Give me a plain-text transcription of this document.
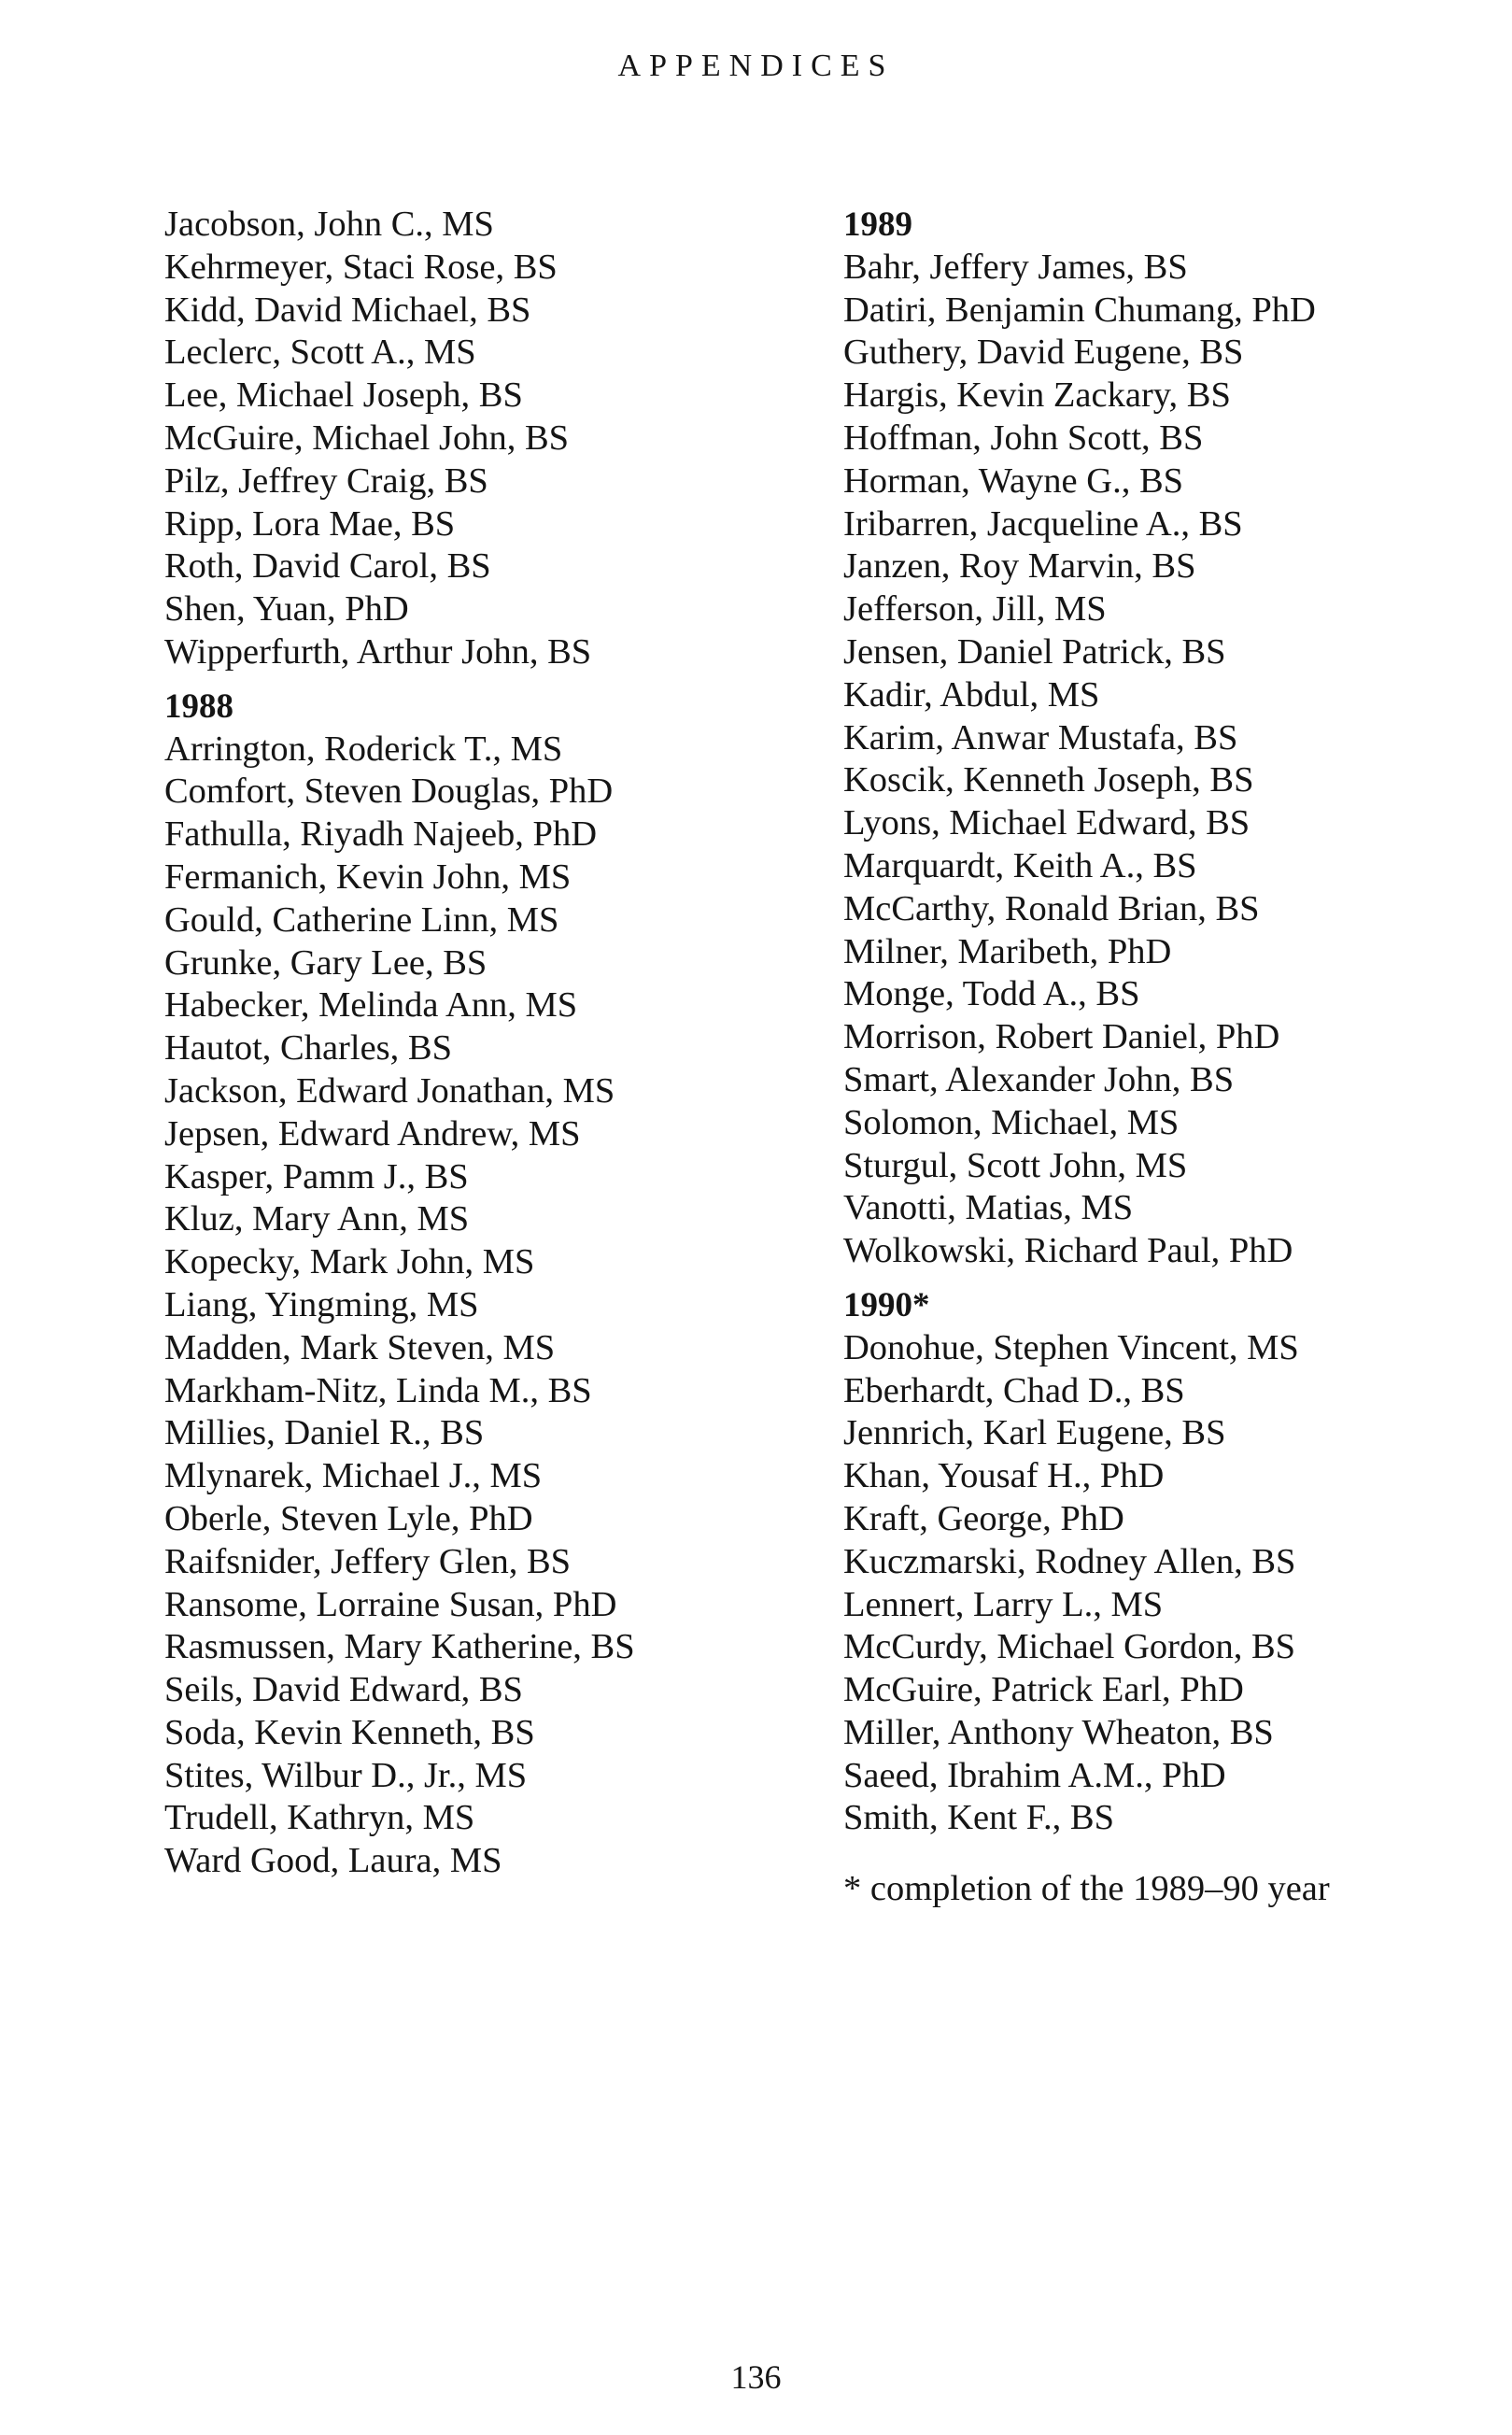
APPENDICES
Jacobson, John C., MS
Kehrmeyer, Staci Rose, BS
Kidd, David Michael, BS
Leclerc, Scott A., MS
Lee, Michael Joseph, BS
McGuire, Michael John, BS
Pilz, Jeffrey Craig, BS
Ripp, Lora Mae, BS
Roth, David Carol, BS
Shen, Yuan, PhD
Wipperfurth, Arthur John, BS
1988
Arrington, Roderick T., MS
Comfort, Steven Douglas, PhD
Fathulla, Riyadh Najeeb, PhD
Fermanich, Kevin John, MS
Gould, Catherine Linn, MS
Grunke, Gary Lee, BS
Habecker, Melinda Ann, MS
Hautot, Charles, BS
Jackson, Edward Jonathan, MS
Jepsen, Edward Andrew, MS
Kasper, Pamm J., BS
Kluz, Mary Ann, MS
Kopecky, Mark John, MS
Liang, Yingming, MS
Madden, Mark Steven, MS
Markham-Nitz, Linda M., BS
Millies, Daniel R., BS
Mlynarek, Michael J., MS
Oberle, Steven Lyle, PhD
Raifsnider, Jeffery Glen, BS
Ransome, Lorraine Susan, PhD
Rasmussen, Mary Katherine, BS
Seils, David Edward, BS
Soda, Kevin Kenneth, BS
Stites, Wilbur D., Jr., MS
Trudell, Kathryn, MS
Ward Good, Laura, MS
1989
Bahr, Jeffery James, BS
Datiri, Benjamin Chumang, PhD
Guthery, David Eugene, BS
Hargis, Kevin Zackary, BS
Hoffman, John Scott, BS
Horman, Wayne G., BS
Iribarren, Jacqueline A., BS
Janzen, Roy Marvin, BS
Jefferson, Jill, MS
Jensen, Daniel Patrick, BS
Kadir, Abdul, MS
Karim, Anwar Mustafa, BS
Koscik, Kenneth Joseph, BS
Lyons, Michael Edward, BS
Marquardt, Keith A., BS
McCarthy, Ronald Brian, BS
Milner, Maribeth, PhD
Monge, Todd A., BS
Morrison, Robert Daniel, PhD
Smart, Alexander John, BS
Solomon, Michael, MS
Sturgul, Scott John, MS
Vanotti, Matias, MS
Wolkowski, Richard Paul, PhD
1990*
Donohue, Stephen Vincent, MS
Eberhardt, Chad D., BS
Jennrich, Karl Eugene, BS
Khan, Yousaf H., PhD
Kraft, George, PhD
Kuczmarski, Rodney Allen, BS
Lennert, Larry L., MS
McCurdy, Michael Gordon, BS
McGuire, Patrick Earl, PhD
Miller, Anthony Wheaton, BS
Saeed, Ibrahim A.M., PhD
Smith, Kent F., BS
* completion of the 1989–90 year
136
